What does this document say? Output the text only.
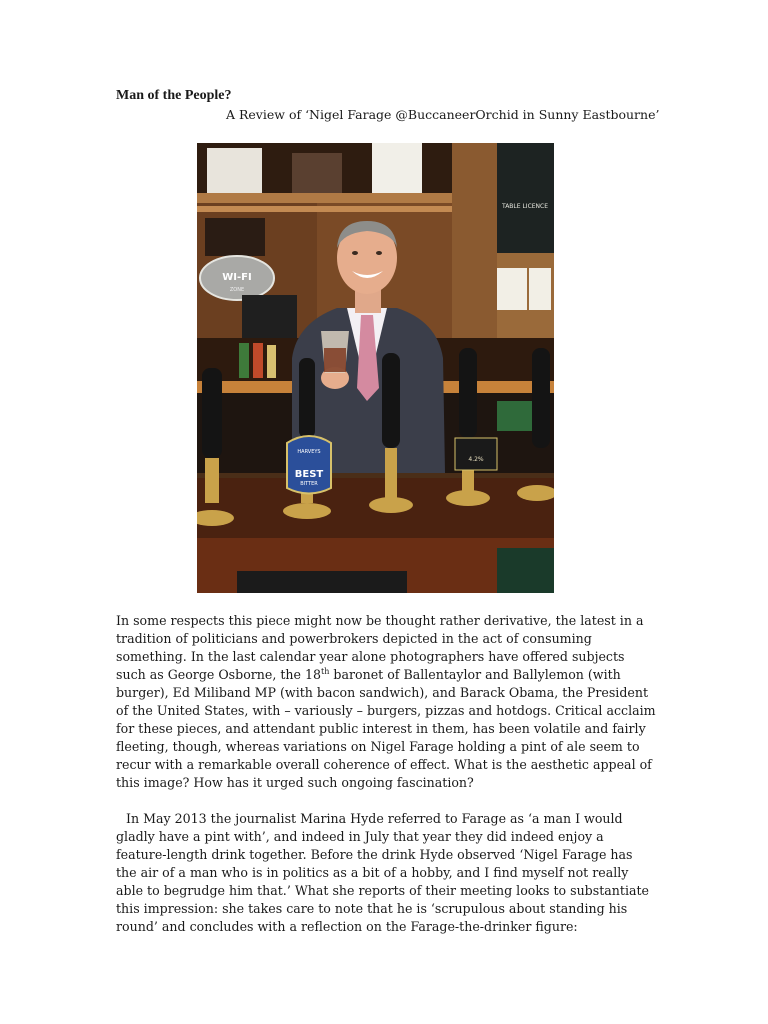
Man of the People?

A Review of ‘Nigel Farage @BuccaneerOrchid in Sunny Eastbourne’

TABLE LICENCE
WI-FI
ZONE
HARVEYS
BEST
BITTER
4.2%

In some respects this piece might now be thought rather derivative, the latest in a tradition of politicians and powerbrokers depicted in the act of consuming something. In the last calendar year alone photographers have offered subjects such as George Osborne, the 18th baronet of Ballentaylor and Ballylemon (with burger), Ed Miliband MP (with bacon sandwich), and Barack Obama, the President of the United States, with – variously – burgers, pizzas and hotdogs. Critical acclaim for these pieces, and attendant public interest in them, has been volatile and fairly fleeting, though, whereas variations on Nigel Farage holding a pint of ale seem to recur with a remarkable overall coherence of effect. What is the aesthetic appeal of this image? How has it urged such ongoing fascination?

In May 2013 the journalist Marina Hyde referred to Farage as ‘a man I would gladly have a pint with’, and indeed in July that year they did indeed enjoy a feature-length drink together. Before the drink Hyde observed ‘Nigel Farage has the air of a man who is in politics as a bit of a hobby, and I find myself not really able to begrudge him that.’ What she reports of their meeting looks to substantiate this impression: she takes care to note that he is ‘scrupulous about standing his round’ and concludes with a reflection on the Farage-the-drinker figure:
